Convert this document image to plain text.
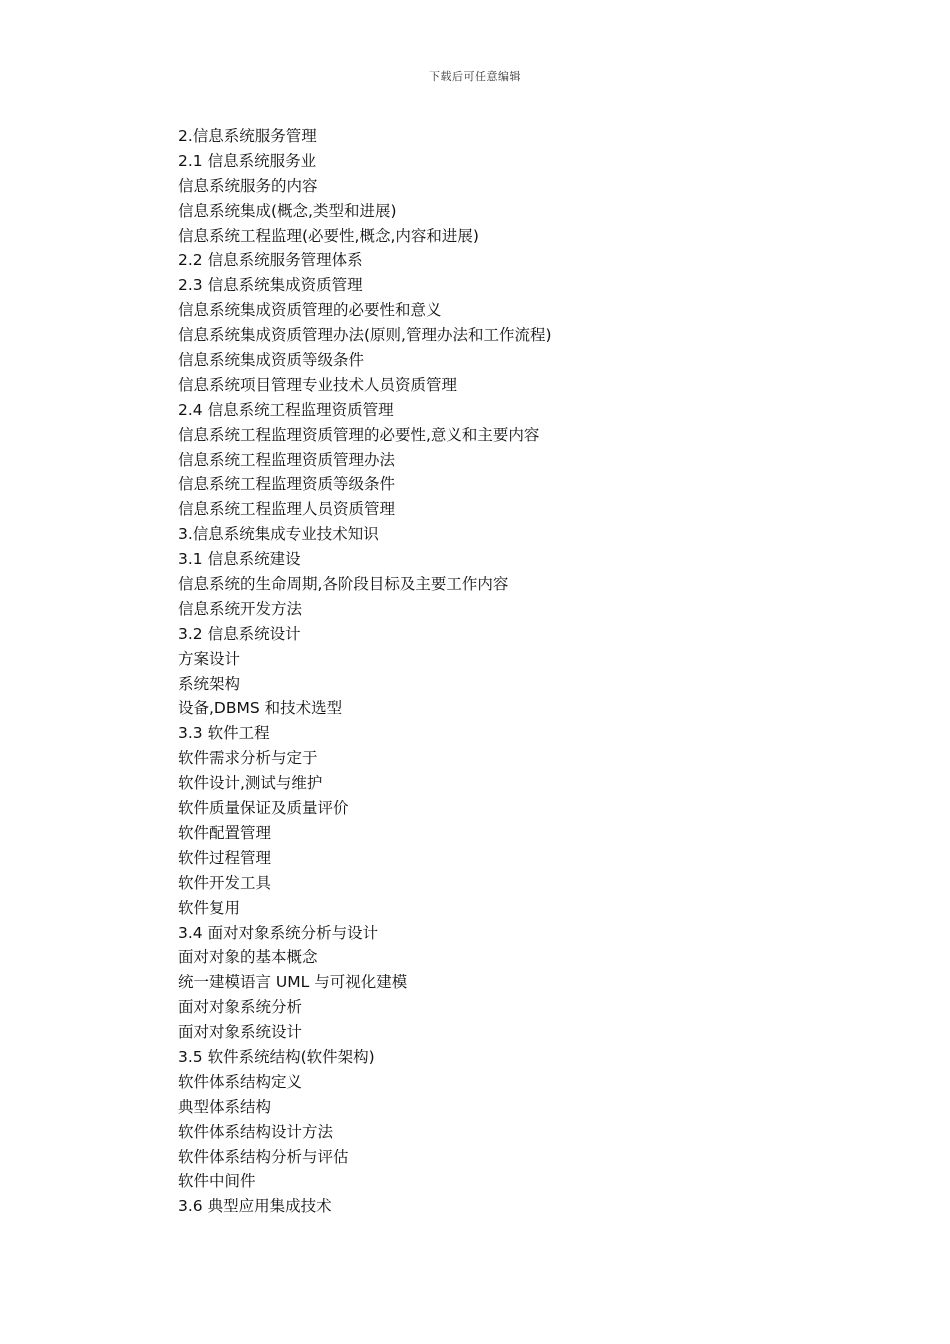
下载后可任意编辑
2.信息系统服务管理
2.1 信息系统服务业
信息系统服务的内容
信息系统集成(概念,类型和进展)
信息系统工程监理(必要性,概念,内容和进展)
2.2 信息系统服务管理体系
2.3 信息系统集成资质管理
信息系统集成资质管理的必要性和意义
信息系统集成资质管理办法(原则,管理办法和工作流程)
信息系统集成资质等级条件
信息系统项目管理专业技术人员资质管理
2.4 信息系统工程监理资质管理
信息系统工程监理资质管理的必要性,意义和主要内容
信息系统工程监理资质管理办法
信息系统工程监理资质等级条件
信息系统工程监理人员资质管理
3.信息系统集成专业技术知识
3.1 信息系统建设
信息系统的生命周期,各阶段目标及主要工作内容
信息系统开发方法
3.2 信息系统设计
方案设计
系统架构
设备,DBMS 和技术选型
3.3 软件工程
软件需求分析与定于
软件设计,测试与维护
软件质量保证及质量评价
软件配置管理
软件过程管理
软件开发工具
软件复用
3.4 面对对象系统分析与设计
面对对象的基本概念
统一建模语言 UML 与可视化建模
面对对象系统分析
面对对象系统设计
3.5 软件系统结构(软件架构)
软件体系结构定义
典型体系结构
软件体系结构设计方法
软件体系结构分析与评估
软件中间件
3.6 典型应用集成技术
